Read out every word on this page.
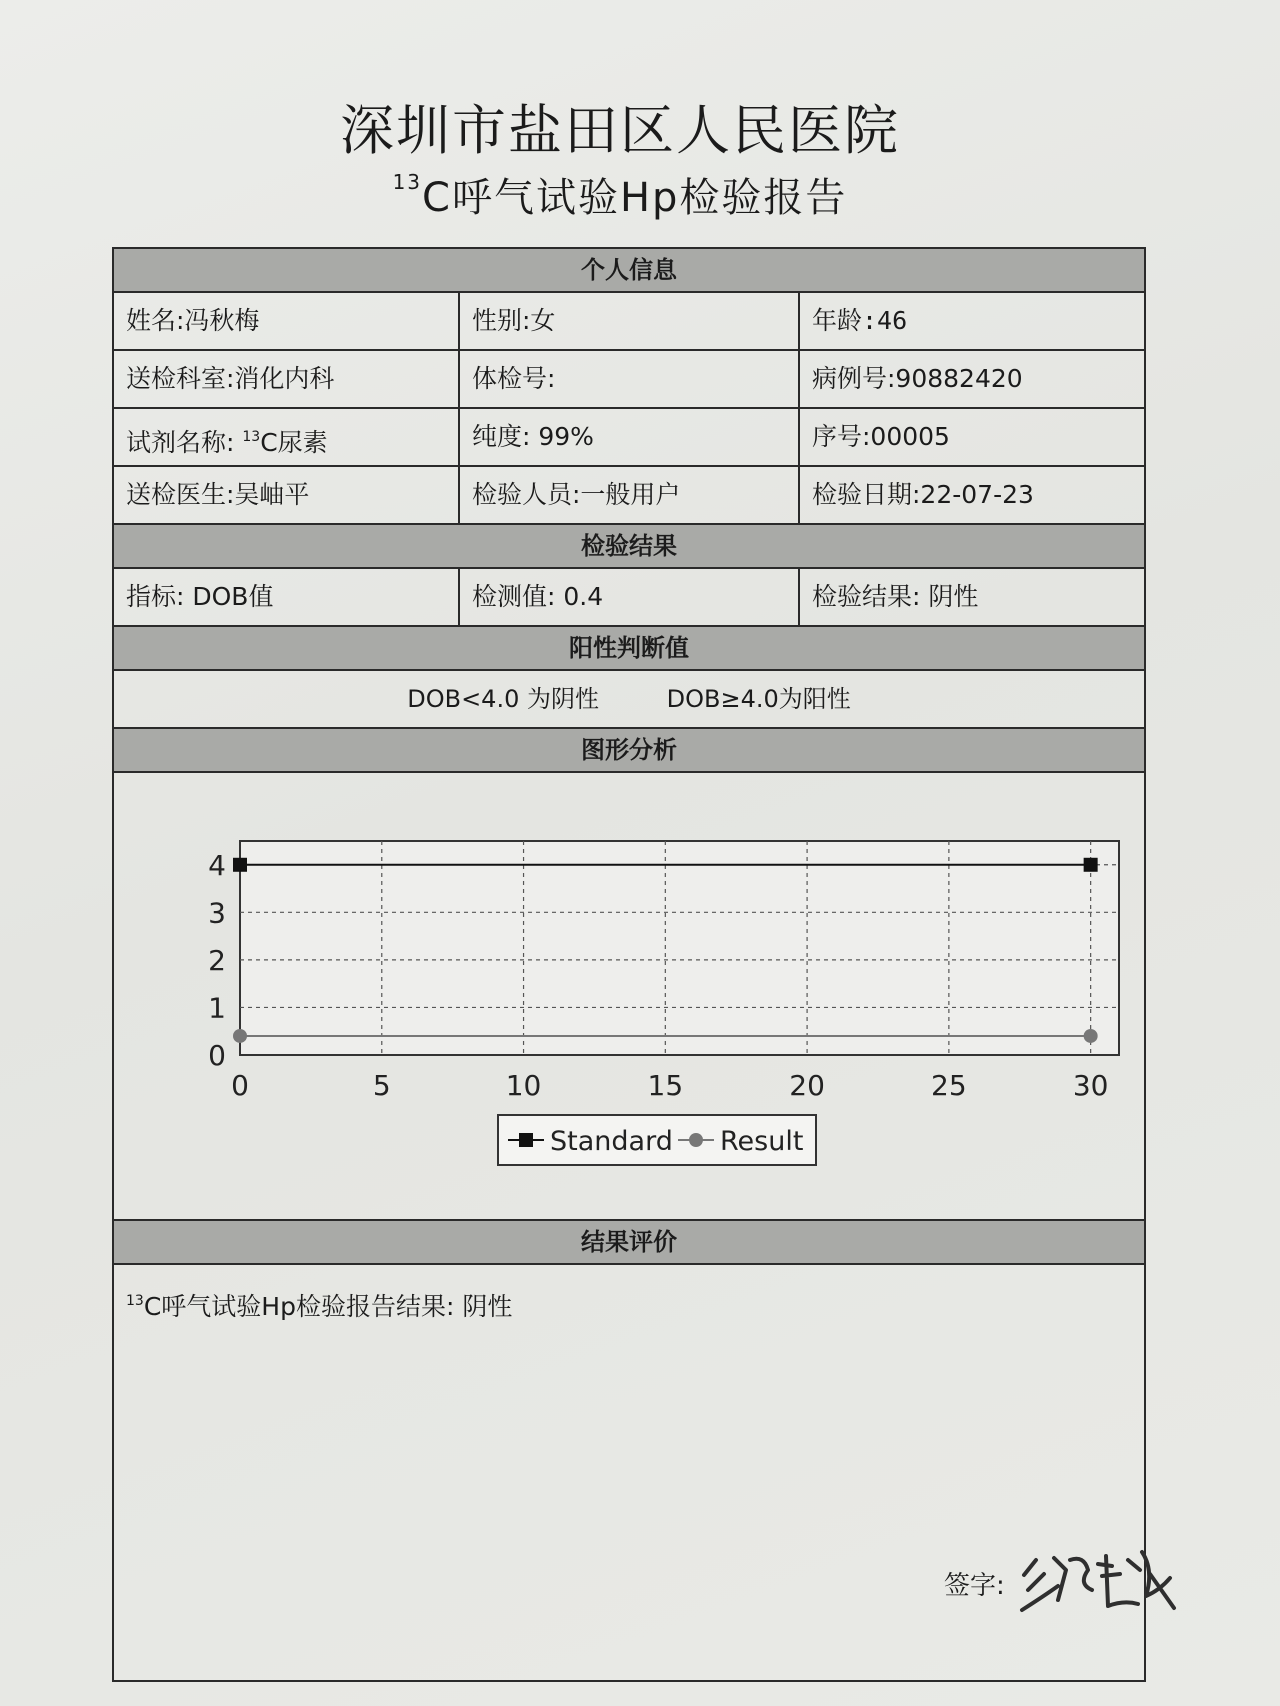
深圳市盐田区人民医院
$^{13}$C呼气试验Hp检验报告
个人信息
姓名:冯秋梅	性别:女	年龄:46
送检科室:消化内科	体检号:	病例号:90882420
试剂名称: $^{13}$C尿素	纯度: 99%	序号:00005
送检医生:吴岫平	检验人员:一般用户	检验日期:22-07-23
检验结果
指标: DOB值	检测值: 0.4	检验结果: 阴性
阳性判断值
DOB<4.0 为阴性	DOB≥4.0为阳性
图形分析
0	5	10	15	20	25	30
0
1
2
3
4
Standard Result
结果评价
$^{13}$C呼气试验Hp检验报告结果: 阴性
签字:
